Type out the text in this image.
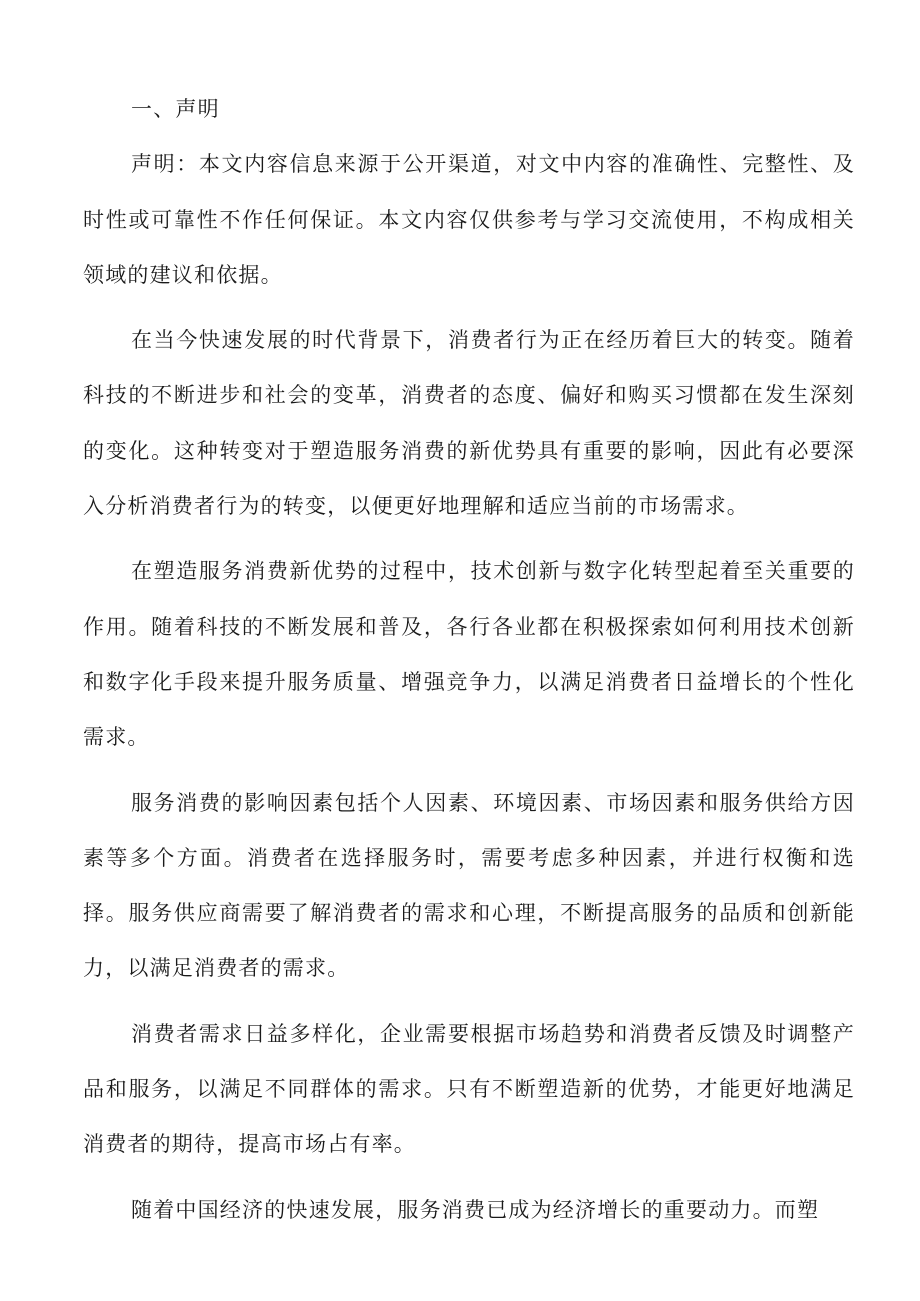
一、声明

声明：本文内容信息来源于公开渠道，对文中内容的准确性、完整性、及时性或可靠性不作任何保证。本文内容仅供参考与学习交流使用，不构成相关领域的建议和依据。

在当今快速发展的时代背景下，消费者行为正在经历着巨大的转变。随着科技的不断进步和社会的变革，消费者的态度、偏好和购买习惯都在发生深刻的变化。这种转变对于塑造服务消费的新优势具有重要的影响，因此有必要深入分析消费者行为的转变，以便更好地理解和适应当前的市场需求。

在塑造服务消费新优势的过程中，技术创新与数字化转型起着至关重要的作用。随着科技的不断发展和普及，各行各业都在积极探索如何利用技术创新和数字化手段来提升服务质量、增强竞争力，以满足消费者日益增长的个性化需求。

服务消费的影响因素包括个人因素、环境因素、市场因素和服务供给方因素等多个方面。消费者在选择服务时，需要考虑多种因素，并进行权衡和选择。服务供应商需要了解消费者的需求和心理，不断提高服务的品质和创新能力，以满足消费者的需求。

消费者需求日益多样化，企业需要根据市场趋势和消费者反馈及时调整产品和服务，以满足不同群体的需求。只有不断塑造新的优势，才能更好地满足消费者的期待，提高市场占有率。

随着中国经济的快速发展，服务消费已成为经济增长的重要动力。而塑
